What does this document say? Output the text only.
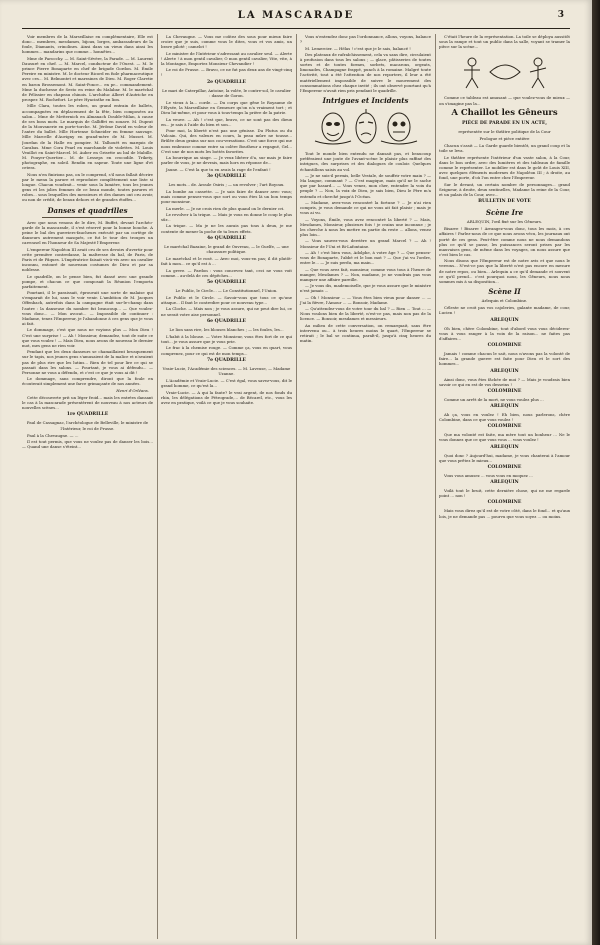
LA MASCARADE	3

Voir membres de la Marseillaise en complémentaire, Elle est donc... membres, mesdames, bijoux, lorges, ambassadeurs de la foule, Diamants, crinolines. Ainsi dans un vieux dans ainsi les hommes... mandarins que comme... honnêtes...

Mme de Parocchy. — M. Saint-Sévère, la Parade. — M. Laurent Dausuré en chef. — M. Marcel, conducteur de l'Ouest. — M. le prince Pierre Bonaparte en chef de brigade Gordon. M. Émile Pereire en ministre. M. le docteur Ricord en fiole pharmaceutique avec ces... M. Belmontet et marraines de Dieu. M. Roger Claretie en baron Brossemont. M. Saint-Ponce... en pr... commandement. Mme la duchesse de Sesto en reine du Malabar. M. le maréchal de Pélissier en chapeau chinois. L'archiduc Albert d'Autriche en prosper. M. Rochefort. Le père Hyacinthe en lion.

Mlle Clara, toutes les robes, un grand entrain de ballets, accompagnées en déplacement de la fête, bien composées au salon... Mme de Metternich en Almanach Double-Milan, à cause de ses bons mots. Le marquis de Galliffet en zouave. M. Duprat de la Mouvanerie en porte-torche. M. Jérôme David en voleur de l'antre du ballet. Mlle Hortense Schneider en femme sauvage. Mlle Marcelle d'Auvigny en grand-mère de M. Musset. M. Jourdan de la Halle en pompier. M. Talhouët en marquis de Carabas. Mme Cora Pearl en marchande de violettes. M. Louis Veuillot en Saint-Marcel. M. Auber en Grisette au bal de Mabille. M. Pouyer-Quertier... M. de Lesseps en crocodile. Trikety, photographe, en soleil. Rendin en sapeur. Toute une ligne d'et cetera.

Nous n'en finirions pas, on le comprend, s'il nous fallait décrire par le menu la parure et reproduire complètement une liste si longue. Chacun voudrait... venir sous la lumière, tous les jeunes gens et les jolies femmes de ce beau monde, toutes parures et robes... sous lesquelles des messieurs et des dames ont cru avoir, ou non de crédit, de beaux dehors et de grandes étoffes...

Danses et quadrilles

Avec que nous venons de le dire, M. Buffet, devant l'archéo-garde de la mascarade, il s'est réservé pour la bonne bouche. A peine le bal des guerriers-faucheurs exécuté par un cortège de danseurs autrement masqués, ce fut le tour des troupes un carrousel en l'honneur de Sa Majesté l'Empereur.

L'empereur Napoléon III avait cru de ses devoirs d'avertir pour cette première contredanse, la maîtresse du bal, de Paris, de Paris et de Pâques. L'Impératrice faisait vis-à-vis avec un cavalier inconnu, entouré de nouveaux costumes de Dieu et par sa noblesse.

Le quadrille, on le pense bien, fut dansé avec une grande pompe, et chacun ce que composait la Réunion l'emporta parfaitement.

Pourtant, il le paraissait, éprouvait une sorte de malaise qui s'emparait de lui, sans le voir venir. L'ambition de M. Jacques Offenbach, autrefois dans la campagne était sur-le-champ dans l'autre : la danseuse du nombre fut beaucoup... — Que voulez-vous donc... — Mon avocat... — Impossible de continuer : Madame, tenez l'Empereur, je l'abandonne à ces gens que je vous ai fait.

Le dommage, c'est que nous ne voyions plus — Mon Dieu ! C'est une surprise ! — Ah ! Monsieur, demandez, tout de suite ce que vous voulez ! — Mais Dieu, nous avons de nouveau le dernier mot, mes gens ne rien voir.

Pendant que les deux danseurs se chamaillaient brusquement sur le tapis, nos jeunes gens s'amusaient de la malice et n'avaient pas de plus rire que les lutins... Rien de tel pour lire ce qui se passait dans les salons. — Pourtant, je vous ai défendu... — Personne ne vous a défendu, et c'est ce que je vous ai dit !

Le dommage, sans comprendre, diront que la foule en écouterait simplement une farce grimaçante de nos années.

Henri d'Orléans.

Cette découverte prit un léger froid... mais les entrées dansant le cas à la mascarade présentèrent de nouveau à nos acteurs de nouvelles scènes...

1re QUADRILLE
Paul de Cassagnac, l'archéologue de Belleville, le ministre de l'Intérieur, le roi de Prusse.

Paul à la Chevaugne. — ...

Il est tout permis, que vous ne voulez pas de danser les bois... — Quand une danse s'éteint...

La Chevaugne. — Vous me coûtez des sous pour mieux faire croire que je suis, comme vous le dites, vous et vos amis, un brave piloté ; camelot !

Le ministre de l'Intérieur s'adressant au cavalier seul. — Alerte ! Alerte ! à mon gentil cavalier, O mon gentil cavalier, Vite, vite, à la Montagne, Emportez Monsieur Chevandier !

Le roi de Prusse. — Bravo, ce ne fut pas deux ans de vingt-cinq !

2e QUADRILLE
Le mari de Caterpillar, Antoine, la volée, le contre-sol, le cavalier : danse de Goron.

Le vieux à la... corde. — Du corps que gêne le Royaume de l'Elysée, la Marseillaise en Gemeure qu'on n'a vraiment tort ; et Dieu lui-même, et pour vous à tous-temps la prière de la patrie.

La veuve. — Ah ! c'est que, bravo, ce ne sont pas des dieux en... je sais à l'aide du bien et son...

Pour moi, la liberté n'est pas une génisse. Du Plutus ou du Vulcain. Qui, des valeurs en cours, la peau mûre ne tousse... Brûlée deux grains sur nos cou-versations. C'est une force qui me nous embrasse comme entre sa colère Boutheur a regagné, Gel... C'est une de nos mots les bottés favorites.

La bourrique au singe. — Je veux libérer d'a, sur mais je faire parler de vous, je ne devrais, mais hors en réponse de...

Jaune. — C'est la que tu en avais la rage de l'enfant !

3e QUADRILLE
Les mots... de. Aroule Osiris ; — un revolver ; l'art Boyoux.

La bombe au cassette. — Je sais faire de danser avec vous; mais comme pensez-vous que sort ou vous êtes là un bon temps pour monsieur.

La merle. — Je ne crois rien de plus quand on le dernier cri.

Le revolver à la trique. — Mais je vous en donne le coup le plus sûr...

La trique. — Ma je ne les aurais pas tous à deux, je me contente de mener la poche de ta leurs effets.

4e QUADRILLE
Le maréchal Bazaine, le grand de Ouvreau, — le Guelfe, — une chaussure politique.

Le maréchal et le rosé. — Avec moi, vous-en pas; il dit plutôt-fait à mon... ce qu'il est à ...

La greve. — Pardon : vous concevez tant, ceci ne vous voit comme... au-delà de ces dépêches...

5e QUADRILLE
Le Public, le Circle... — Le Constitutionnel, l'Union.

Le Public et le Circle. — Savoir-vous que tous ce qu'une attaque... Il faut le contredire pour ce nouveau type...

La Cloche. — Mais non ; je vous assure, qui ne peut dire lui, ce ne serait votre aise personnel.

6e QUADRILLE
Le lion sans rire, les blouses blanches ; — les foules, les...

L'habit à la blouse. — Votre Monsieur, vous êtes fort de ce qui tout... je vous assure que je vous prie.

Le frac à la chemise rouge. — Comme ça, vous en quart, vous comprenez, pour ce qui est de mon temps...

7e QUADRILLE
Vraie-Lucie, l'Académie des sciences. — M. Laveuse, — Madame Uzanne.

L'Académie et Vraie-Lucie. — C'est égal, vous savez-vous, dit le grand homme, ce qu'est la...

Vraie-Lucie. — A qui la faute? le vrai argent, de nos fonds du rhin, les délégations de Pétrograde,... de Bécarel, etc., vous les avez en pratique, voilà ce que je vous souhaite.

Vous n'entendez donc pas l'ordonnance, allons, voyons, balance ?

M. Lemercier. — Hélas ! c'est que je le sais, balancé !

Des plateaux de rafraîchissement, cela va sans dire, circulaient à profusion dans tous les salons ; — glace, pâtisseries de toutes sortes et de toutes formes, sorbets, macarons, orgeats, limonades, Champagne frappé, punch à la romaine. Malgré toute l'activité, tout a été l'attention de nos reporters, il leur a été matériellement impossible de suivre le mouvement des consommations chez chaque invité ; ils ont observé pourtant qu'à l'Empereur n'avait rien pris pendant le quadrille.

Intrigues et Incidents

Tout le monde bien entendu ne dansait pas, et beaucoup préféraient une joute de l'avant-scène le plaisir plus raffiné des intrigues, des surprises et des dialogues de couloir. Quelques échantillons saisis au vol.

— Je ne suis-il permis, belle Vestale, de souffrir votre main ? — Ma langue, commant ? — C'est magique, mais qu'il ne le sache que par hasard... — Vous venez, mon cher, entendre la voix du peuple ? — Non, la voix de Dieu, je sais bien, Dieu le Père m'a entendu et cherché jusqu'à l'Océan.

— Madame, avez-vous rencontré la fortune ? ... Je n'ai rien compris, je vous demande ce qui ne vous ait fait plaisir ; mais je vous ai vu.

— Voyons, Émile, vous avez rencontré la liberté ? — Mais, Mesdames, Monsieur, plusieurs fois ! je crains une inconnue ; je les cherche à nous les mettre en partie du reste ... allons, venez plus loin...

— Vous sauvez-vous derrière un grand Marcel ? — Ah ! Monsieur de l'Uni et Bi-Lafontaine.

— Ah ! c'est bien vous, Adolphe, à votre âge ? — Que pensez-vous de Bonaparte, l'abbé et le bon mot ? — Que j'ai vu l'ordre, entre le... — Je suis perdu, ma main...

— Que vous avez fait, monsieur, comme vous tous à l'heure de manger, Mesdames ? — Non, madame, je ne voudrais pas vous manquer une affaire pareille.

— Je vous dis, mademoiselle, que je vous assure que le ministre n'est jamais ...

— Oh ! Monsieur ... — Vous êtes bien vieux pour danser ... — J'ai la fièvre, l'Amour ... — Bonsoir, Madame.

— Qu'attendez-vous de votre tour du bal ? — Rien ... Tout ... — Nous voulons bien de la liberté, n'est-ce pas, mais non pas de la licence. — Bonsoir, mesdames et messieurs.

Au milieu de cette conversation, on remarquait, sans être intervenu ou... à trois heures moins le quart, l'Empereur se retirait ; le bal se continua, paraît-il, jusqu'à cinq heures du matin.

C'était l'heure de la représentation. La toile se déploya aussitôt sous la rampe et tout un public dans la salle, voyant se tramer la pièce sur la scène...

Comme ce tableau est amusant — que voulez-vous de mieux — on s'imagine pas la...

A Chaillot les Gêneurs
PIÈCE DE PARADE EN UN ACTE,
représentée sur le théâtre politique de la Cour
Prologue et pièce entière

Chacun s'assit — La Garde guarde bientôt, un grand coup et la toile se leva.

Le théâtre représente l'intérieur d'un vaste salon, à la Cour, dans le bon ordre, avec des lumières et des tableaux de famille comme le représenter. Le mobilier est dans le goût de Louis XIII, avec quelques éléments modernes de Napoléon III ; à droite, au fond, une porte, d'où l'on entre chez l'Empereur.

Sur le devant, un certain nombre de personnages... grand Seigneur, à droite, deux sentinelles, Madame la reine de la Cour, et un palais de la Cour, avec...

BULLETIN DE VOTE
Scène Ire
ARLEQUIN, l'œil fixé sur les Gêneurs.

Bisarre ! Bisarre ! Arrangez-vous donc, tous les mois, à ces affaires ! Parlez-nous de ce que nous avons vécu, les journaux ont porté de ces gens. Peut-être comme nous ne nous demandons plus ce qu'il se passe, les puissances seront prises par les mauvaises gens, de même dans les voyages, on nous assure que c'est bien le cas.

Nous disons que l'Empereur est de notre avis et que nous le verrons... N'est-ce pas que la liberté n'est pas encore en mesure de notre repos, ou bien... Arlequin a ce qu'il demande et souvent ce qu'il prend... c'est pourquoi nous, les Gêneurs, nous nous sommes mis à sa disposition...

Scène II
Arlequin et Colombine.

Céleste ne croit pas vos cajoleries, galante madame, de cour, Lucien !

ARLEQUIN

Oh bien, chère Colombine, tout d'abord vous vous déciderez-vous à vous ranger à la voix de la raison... ne faites pas d'affaires...

COLOMBINE

Jamais ! comme chacun le sait, nous n'avons pas la volonté de faire... la grande guerre est faite pour Dieu et le sort des hommes...

ARLEQUIN

Ainsi donc, vous êtes fâchée de moi ? — Mais je voudrais bien savoir ce qui en est de vos desseins !

COLOMBINE

Comme un arrêt de la mort, ne vous voulez plus ...

ARLEQUIN

Ah ça, vous en voulez ! Eh bien, nous parlerons, chère Colombine, dans ce que vous voulez !

COLOMBINE

Que ma volonté est faite, ma mère tout un bonheur ... Ne le vous donnez que ce que vous vous ... vous voulez !

ARLEQUIN

Quoi donc ? Aujourd'hui, madame, je vous chanterai à l'amour que vous prêtez le mieux...

COLOMBINE

Vous vous amusez ... vous vous en moquez ...

ARLEQUIN

Voilà tout le bruit, cette dernière chose, qui ne me regarde point ... non !

COLOMBINE

Mais vous direz qu'il est de votre côté, dans le fond... et qu'aux lois, je ne demande pas ... pourvu que vous soyez ... ou moins.
